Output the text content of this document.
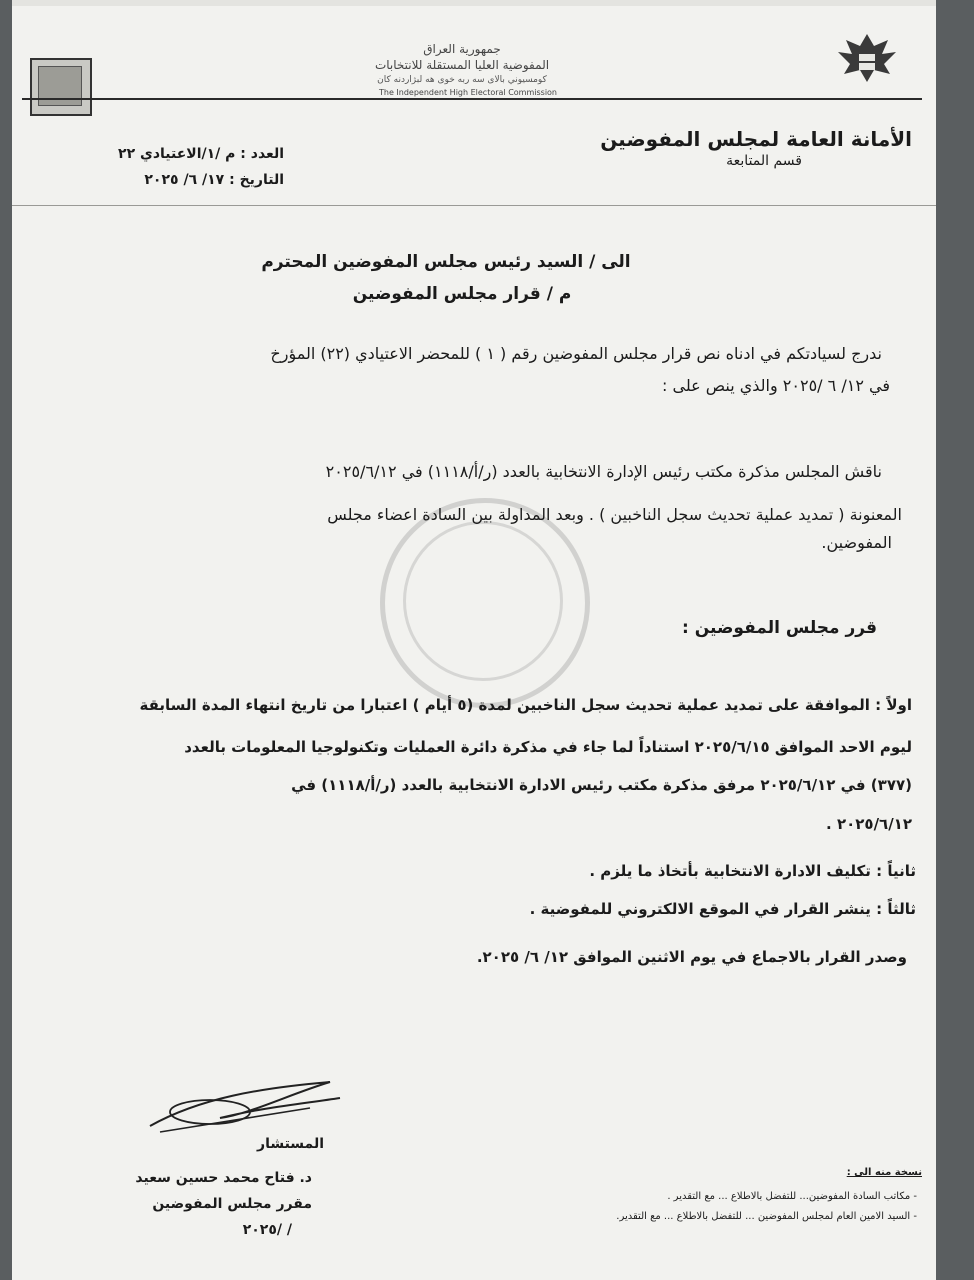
جمهورية العراق
المفوضية العليا المستقلة للانتخابات
كومسيوني بالاى سه ربه خوى هه لبژاردنه كان
The Independent High Electoral Commission
الأمانة العامة لمجلس المفوضين
قسم المتابعة
العدد : م /١/الاعتيادي ٢٢
التاريخ : ١٧/ ٦/ ٢٠٢٥
الى / السيد رئيس مجلس المفوضين المحترم
م / قرار مجلس المفوضين
ندرج لسيادتكم في ادناه نص قرار مجلس المفوضين رقم ( ١ ) للمحضر الاعتيادي (٢٢) المؤرخ
في ١٢/ ٦ /٢٠٢٥ والذي ينص على :
ناقش المجلس مذكرة مكتب رئيس الإدارة الانتخابية بالعدد (ر/أ/١١١٨) في ٢٠٢٥/٦/١٢
المعنونة ( تمديد عملية تحديث سجل الناخبين ) . وبعد المداولة بين السادة اعضاء مجلس
المفوضين.
قرر مجلس المفوضين :
اولاً : الموافقة على تمديد عملية تحديث سجل الناخبين لمدة (٥ أيام ) اعتبارا من تاريخ انتهاء المدة السابقة
ليوم الاحد الموافق ٢٠٢٥/٦/١٥ استناداً لما جاء في مذكرة دائرة العمليات وتكنولوجيا المعلومات بالعدد
(٣٧٧) في ٢٠٢٥/٦/١٢ مرفق مذكرة مكتب رئيس الادارة الانتخابية بالعدد (ر/أ/١١١٨) في
٢٠٢٥/٦/١٢ .
ثانياً : تكليف الادارة الانتخابية بأتخاذ ما يلزم .
ثالثاً : ينشر القرار في الموقع الالكتروني للمفوضية .
وصدر القرار بالاجماع في يوم الاثنين الموافق ١٢/ ٦/ ٢٠٢٥.
المستشار
د. فتاح محمد حسين سعيد
مقرر مجلس المفوضين
/ /٢٠٢٥
نسخة منه الى :
- مكاتب السادة المفوضين... للتفضل بالاطلاع ... مع التقدير .
- السيد الامين العام لمجلس المفوضين ... للتفضل بالاطلاع ... مع التقدير.
